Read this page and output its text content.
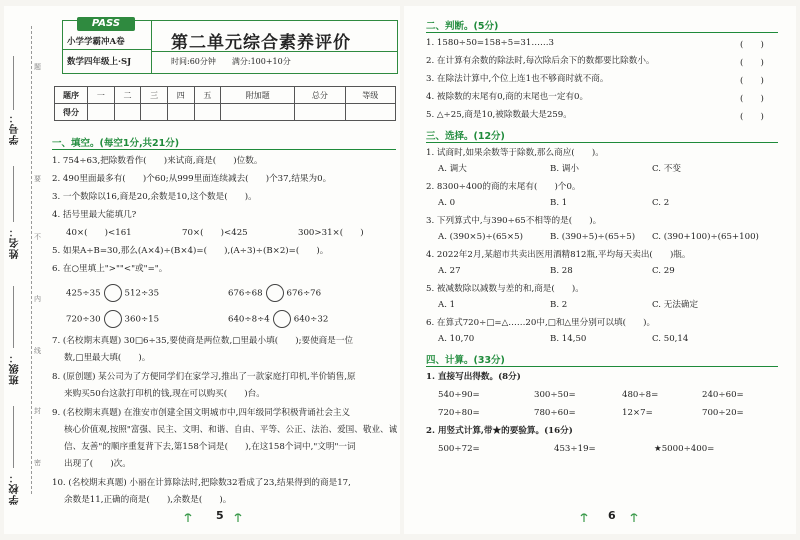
学号：
姓名：
班级：
学校：
题
要
不
内
线
封
密
PASS
小学学霸冲A卷
数学四年级上·SJ
第二单元综合素养评价
时间:60分钟　　满分:100+10分
题序	一	二	三	四	五	附加题	总分	等级
得分								
一、填空。(每空1分,共21分)
1. 754÷63,把除数看作(　　)来试商,商是(　　)位数。
2. 490里面最多有(　　)个60;从999里面连续减去(　　)个37,结果为0。
3. 一个数除以16,商是20,余数是10,这个数是(　　)。
4. 括号里最大能填几?
40×(　　)<161	70×(　　)<425	300>31×(　　)
5. 如果A÷B=30,那么(A×4)÷(B×4)=(　　),(A÷3)÷(B×2)=(　　)。
6. 在○里填上">""<"或"="。
425÷35	512÷35	676÷68	676÷76
720÷30	360÷15	640÷8÷4	640÷32
7. (名校期末真题) 30□6÷35,要使商是两位数,□里最小填(　　);要使商是一位
数,□里最大填(　　)。
8. (原创题) 某公司为了方便同学们在家学习,推出了一款家庭打印机,半价销售,原
来购买50台这款打印机的钱,现在可以购买(　　)台。
9. (名校期末真题) 在淮安市创建全国文明城市中,四年级同学积极背诵社会主义
核心价值观,按照"富强、民主、文明、和谐、自由、平等、公正、法治、爱国、敬业、诚
信、友善"的顺序重复背下去,第158个词是(　　),在这158个词中,"文明"一词
出现了(　　)次。
10. (名校期末真题) 小丽在计算除法时,把除数32看成了23,结果得到的商是17,
余数是11,正确的商是(　　),余数是(　　)。
5
二、判断。(5分)
1. 1580÷50=158÷5=31……3	(　　)
2. 在计算有余数的除法时,每次除后余下的数都要比除数小。	(　　)
3. 在除法计算中,个位上连1也不够商时就不商。	(　　)
4. 被除数的末尾有0,商的末尾也一定有0。	(　　)
5. △÷25,商是10,被除数最大是259。	(　　)
三、选择。(12分)
1. 试商时,如果余数等于除数,那么商应(　　)。
A. 调大	B. 调小	C. 不变
2. 8300÷400的商的末尾有(　　)个0。
A. 0	B. 1	C. 2
3. 下列算式中,与390÷65不相等的是(　　)。
A. (390×5)÷(65×5)	B. (390÷5)÷(65÷5) C. (390+100)÷(65+100)
4. 2022年2月,某超市共卖出医用酒精812瓶,平均每天卖出(　　)瓶。
A. 27	B. 28	C. 29
5. 被减数除以减数与差的和,商是(　　)。
A. 1	B. 2	C. 无法确定
6. 在算式720÷□=△……20中,□和△里分别可以填(　　)。
A. 10,70	B. 14,50	C. 50,14
四、计算。(33分)
1. 直接写出得数。(8分)
540÷90=	300÷50=	480÷8=	240÷60=
720÷80=	780÷60=	12×7=	700÷20=
2. 用竖式计算,带★的要验算。(16分)
500÷72=	453÷19=	★5000÷400=
6
